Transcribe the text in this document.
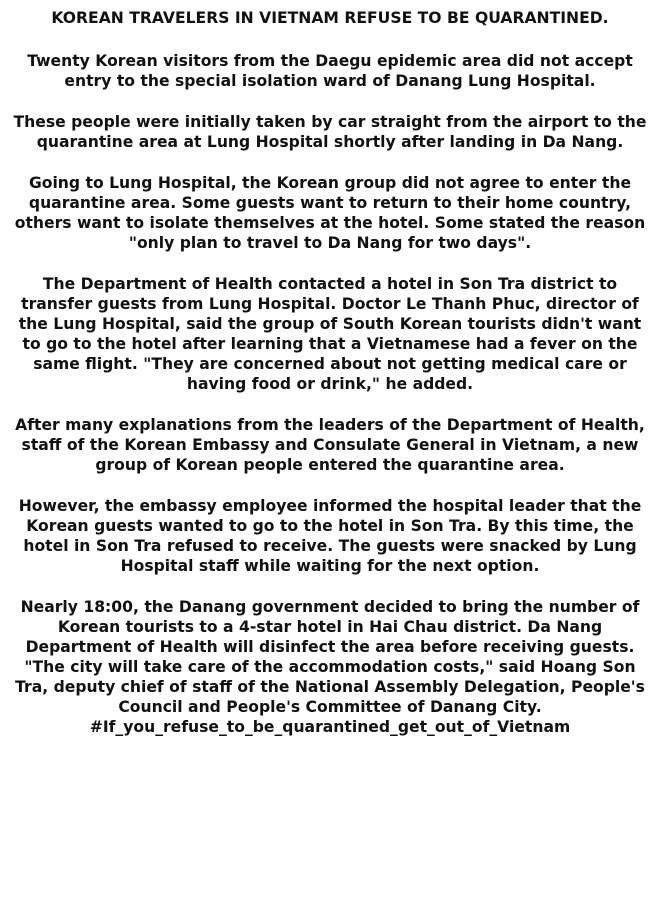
KOREAN TRAVELERS IN VIETNAM REFUSE TO BE QUARANTINED.

Twenty Korean visitors from the Daegu epidemic area did not accept entry to the special isolation ward of Danang Lung Hospital.

These people were initially taken by car straight from the airport to the quarantine area at Lung Hospital shortly after landing in Da Nang.

Going to Lung Hospital, the Korean group did not agree to enter the quarantine area. Some guests want to return to their home country, others want to isolate themselves at the hotel. Some stated the reason "only plan to travel to Da Nang for two days".

The Department of Health contacted a hotel in Son Tra district to transfer guests from Lung Hospital. Doctor Le Thanh Phuc, director of the Lung Hospital, said the group of South Korean tourists didn't want to go to the hotel after learning that a Vietnamese had a fever on the same flight. "They are concerned about not getting medical care or having food or drink," he added.

After many explanations from the leaders of the Department of Health, staff of the Korean Embassy and Consulate General in Vietnam, a new group of Korean people entered the quarantine area.

However, the embassy employee informed the hospital leader that the Korean guests wanted to go to the hotel in Son Tra. By this time, the hotel in Son Tra refused to receive. The guests were snacked by Lung Hospital staff while waiting for the next option.

Nearly 18:00, the Danang government decided to bring the number of Korean tourists to a 4-star hotel in Hai Chau district. Da Nang Department of Health will disinfect the area before receiving guests. "The city will take care of the accommodation costs," said Hoang Son Tra, deputy chief of staff of the National Assembly Delegation, People's Council and People's Committee of Danang City.

#If_you_refuse_to_be_quarantined_get_out_of_Vietnam
